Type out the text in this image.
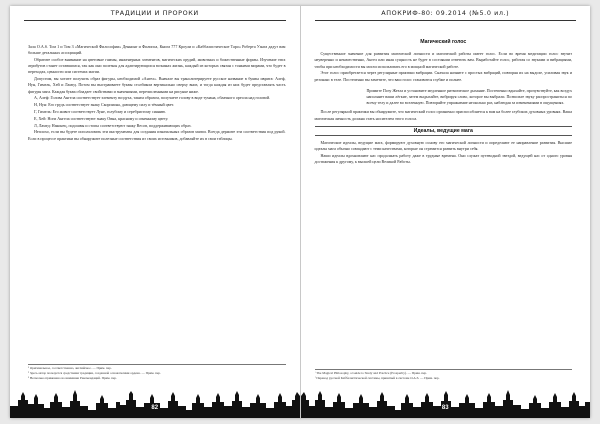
ТРАДИЦИИ И ПРОРОКИ

Зала О.А.S. Том 1 и Том 3 «Магической Философии» Деннинг и Филипса, Книга 777 Кроули и «Каббалистическое Таро» Роберта Уанга дадут вам больше детальных ассоциаций.

Обратите особое внимание на цветовые гаммы, инженерных элементов, магических орудий, животных и божественные формы. Изучение этих атрибутов станет оставшимся, так как они полезны для адаптирующихся вознаках жизнь, каждый из которых связан с тонкими мирами, что будет в переходах, ценности или системах магии.

Допустим, вы хотите получить образ фигуры, необходимой «Ангел». Вначале вы транслитерируете русское название в буквы иврита: Алеф, Нун, Гимель, Хей и Ламед. Потом вы выстраиваете буквы столбиком вертикально сверху вниз, и тогда каждая из них будет представлять часть фигуры мага. Каждая буква обладает свойствами и значениями, перечисленными на рисунке ниже.

А, Алеф: Голова Ангела соответствует элементу воздуха, таким образом, получаете голову в виде тумана, облачного ореола над головой.

Н, Нун: Его грудь соответствует знаку Скорпиона, дающему силу и тёмный цвет.

Г, Гимель: Его живот соответствует Луне, голубому и серебристому сиянию.

Е, Хей: Ноги Ангела соответствуют знаку Овна, красному и огненному цвету.

Л, Ламед: Наконец, подошвы и стопы соответствуют знаку Весов, поддерживающих образ.

Неплохо, если вы будете использовать эти инструменты для создания изначальных образов магии. Всегда держите эти соответствия под рукой. Если в процессе практики вы обнаружите полезные соответствия из своих источников, добавляйте их в свои таблицы.

¹ Оригинальное, соответственно, английское. — Прим. пер.
² Здесь автор пользуется средствами традиции, созданной основателями ордена. — Прим. пер.
³ Несколько применено во внимание Рекомендаций. Прим. пер.
82
АПОКРИФ-80: 09.2014 (№5.0 ил.)
Магический голос

Существенное значение для развития магической личности и магической работы имеет голос. Если во время медитации голос звучит неуверенно и некачественно, Ангел или иная сущность не будет в состоянии ответить вам. Выработайте голос, работая со звуками и вибрациями, чтобы при необходимости вы могли использовать его в мощной магической работе.

Этот голос приобретается через регулярные практики вибрации. Сначала начните с простых вибраций, повторяя их на выдохе, усиливая звук и резонанс в теле. Постепенно вы заметите, что ваш голос становится глубже и полнее.

Примите Позу Жезла и установите медленное ритмическое дыхание. Постепенно вдыхайте, прочувствуйте, как воздух наполняет ваши лёгкие, затем выдыхайте, вибрируя слово, которое вы выбрали. Позвольте звуку распространиться по всему телу и далее во вселенную. Повторяйте упражнение несколько раз, наблюдая за изменениями в ощущениях.

После регулярной практики вы обнаружите, что магический голос органично приспособляется к вам на более глубоких духовных уровнях. Ваша магическая личность должна стать носителем этого голоса.

Идеалы, ведущие мага

Магические идеалы, ведущие мага, формируют духовную основу его магической личности и определяют ее направление развития. Высшие идеалы мага обычно совпадают с теми качествами, которые он стремится развить внутри себя.

Наши идеалы вдохновляют нас продолжать работу даже в трудные времена. Они служат путеводной звездой, ведущей нас от одного уровня достижения к другому, к высшей цели Великой Работы.

¹ The Magical Philosophy, a Guide to Study and Practice (Prosperity). — Прим. пер.
² Перевод русской Каббалистической системы, принятый в системе O.A.S. — Прим. пер.
83
